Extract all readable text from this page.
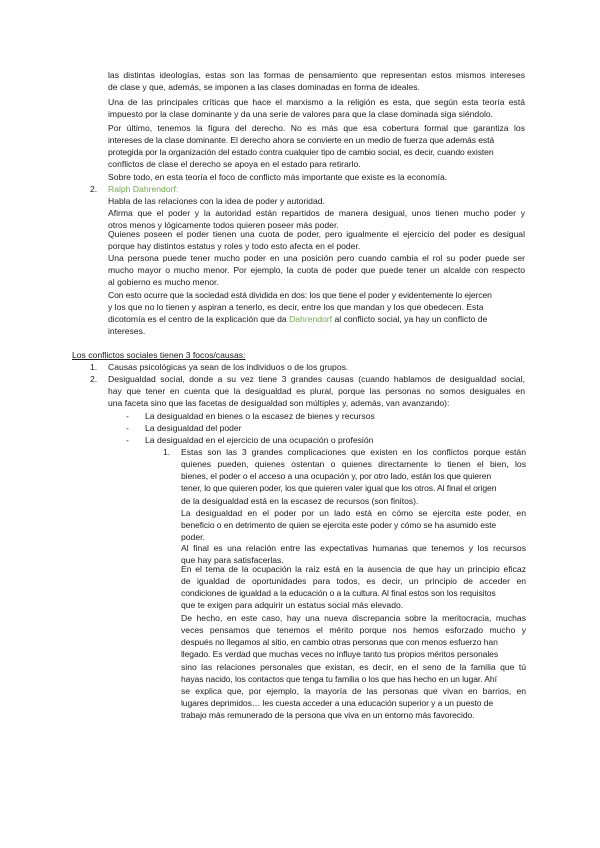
las distintas ideologías, estas son las formas de pensamiento que representan estos mismos intereses
de clase y que, además, se imponen a las clases dominadas en forma de ideales.

Una de las principales críticas que hace el marxismo a la religión es esta, que según esta teoría está
impuesto por la clase dominante y da una serie de valores para que la clase dominada siga siéndolo.

Por último, tenemos la figura del derecho. No es más que esa cobertura formal que garantiza los
intereses de la clase dominante. El derecho ahora se convierte en un medio de fuerza que además está
protegida por la organización del estado contra cualquier tipo de cambio social, es decir, cuando existen
conflictos de clase el derecho se apoya en el estado para retirarlo.

Sobre todo, en esta teoría el foco de conflicto más importante que existe es la economía.

2. Ralph Dahrendorf:

Habla de las relaciones con la idea de poder y autoridad.

Afirma que el poder y la autoridad están repartidos de manera desigual, unos tienen mucho poder y
otros menos y lógicamente todos quieren poseer más poder.

Quienes poseen el poder tienen una cuota de poder, pero igualmente el ejercicio del poder es desigual
porque hay distintos estatus y roles y todo esto afecta en el poder.

Una persona puede tener mucho poder en una posición pero cuando cambia el rol su poder puede ser
mucho mayor o mucho menor. Por ejemplo, la cuota de poder que puede tener un alcalde con respecto
al gobierno es mucho menor.

Con esto ocurre que la sociedad está dividida en dos: los que tiene el poder y evidentemente lo ejercen
y los que no lo tienen y aspiran a tenerlo, es decir, entre los que mandan y los que obedecen. Esta
dicotomía es el centro de la explicación que da Dahrendorf al conflicto social, ya hay un conflicto de
intereses.

Los conflictos sociales tienen 3 focos/causas:

1. Causas psicológicas ya sean de los individuos o de los grupos.

2. Desigualdad social, donde a su vez tiene 3 grandes causas (cuando hablamos de desigualdad social,
hay que tener en cuenta que la desigualdad es plural, porque las personas no somos desiguales en
una faceta sino que las facetas de desigualdad son múltiples y, además, van avanzando):

- La desigualdad en bienes o la escasez de bienes y recursos
- La desigualdad del poder
- La desigualdad en el ejercicio de una ocupación o profesión
1. Estas son las 3 grandes complicaciones que existen en los conflictos porque están
quienes pueden, quienes ostentan o quienes directamente lo tienen el bien, los
bienes, el poder o el acceso a una ocupación y, por otro lado, están los que quieren
tener, lo que quieren poder, los que quieren valer igual que los otros. Al final el origen
de la desigualdad está en la escasez de recursos (son finitos).

La desigualdad en el poder por un lado está en cómo se ejercita este poder, en
beneficio o en detrimento de quien se ejercita este poder y cómo se ha asumido este
poder.

Al final es una relación entre las expectativas humanas que tenemos y los recursos
que hay para satisfacerlas.

En el tema de la ocupación la raíz está en la ausencia de que hay un principio eficaz
de igualdad de oportunidades para todos, es decir, un principio de acceder en
condiciones de igualdad a la educación o a la cultura. Al final estos son los requisitos
que te exigen para adquirir un estatus social más elevado.

De hecho, en este caso, hay una nueva discrepancia sobre la meritocracia, muchas
veces pensamos que tenemos el mérito porque nos hemos esforzado mucho y
después no llegamos al sitio, en cambio otras personas que con menos esfuerzo han
llegado. Es verdad que muchas veces no influye tanto tus propios méritos personales
sino las relaciones personales que existan, es decir, en el seno de la familia que tú
hayas nacido, los contactos que tenga tu familia o los que has hecho en un lugar. Ahí
se explica que, por ejemplo, la mayoría de las personas que vivan en barrios, en
lugares deprimidos… les cuesta acceder a una educación superior y a un puesto de
trabajo más remunerado de la persona que viva en un entorno más favorecido.
